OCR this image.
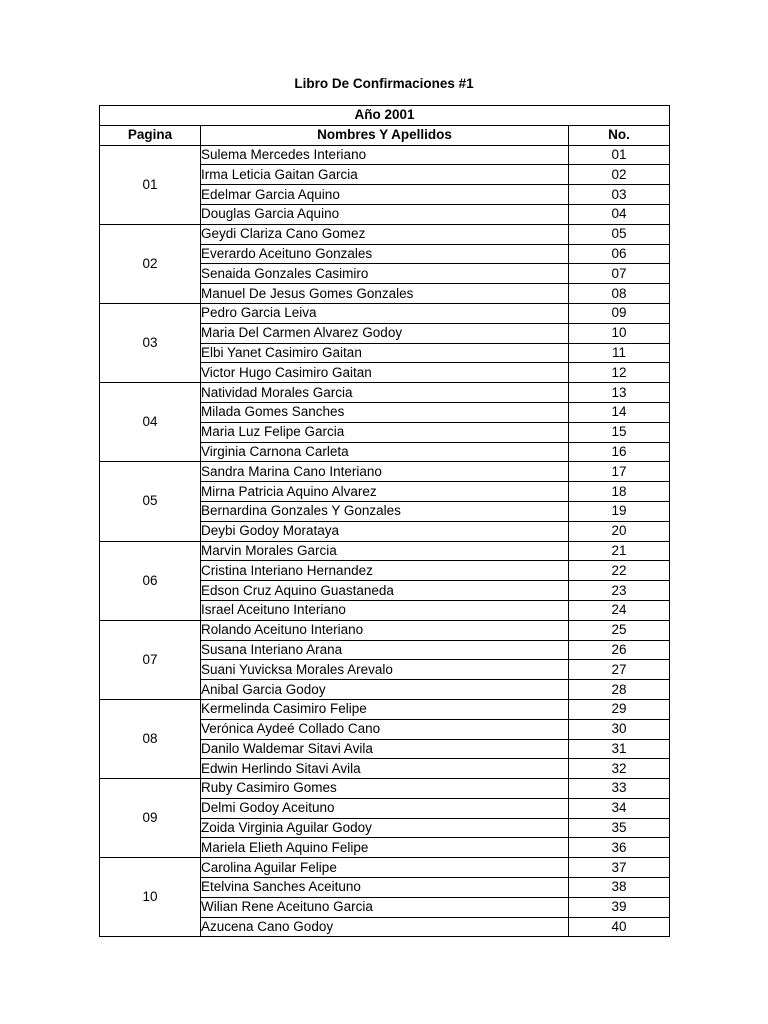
Libro De Confirmaciones #1
Año 2001		
Pagina	Nombres Y Apellidos	No.
01	Sulema Mercedes Interiano	01
	Irma Leticia Gaitan Garcia	02
	Edelmar Garcia Aquino	03
	Douglas Garcia Aquino	04
02	Geydi Clariza Cano Gomez	05
	Everardo Aceituno Gonzales	06
	Senaida Gonzales Casimiro	07
	Manuel De Jesus Gomes Gonzales	08
03	Pedro Garcia Leiva	09
	Maria Del Carmen Alvarez Godoy	10
	Elbi Yanet Casimiro Gaitan	11
	Victor Hugo Casimiro Gaitan	12
04	Natividad Morales Garcia	13
	Milada Gomes Sanches	14
	Maria Luz Felipe Garcia	15
	Virginia Carnona Carleta	16
05	Sandra Marina Cano Interiano	17
	Mirna Patricia Aquino Alvarez	18
	Bernardina Gonzales Y Gonzales	19
	Deybi Godoy Morataya	20
06	Marvin Morales Garcia	21
	Cristina Interiano Hernandez	22
	Edson Cruz Aquino Guastaneda	23
	Israel Aceituno Interiano	24
07	Rolando Aceituno Interiano	25
	Susana Interiano Arana	26
	Suani Yuvicksa Morales Arevalo	27
	Anibal Garcia Godoy	28
08	Kermelinda Casimiro Felipe	29
	Verónica Aydeé Collado Cano	30
	Danilo Waldemar Sitavi Avila	31
	Edwin Herlindo Sitavi Avila	32
09	Ruby Casimiro Gomes	33
	Delmi Godoy Aceituno	34
	Zoida Virginia Aguilar Godoy	35
	Mariela Elieth Aquino Felipe	36
10	Carolina Aguilar Felipe	37
	Etelvina Sanches Aceituno	38
	Wilian Rene Aceituno Garcia	39
	Azucena Cano Godoy	40
